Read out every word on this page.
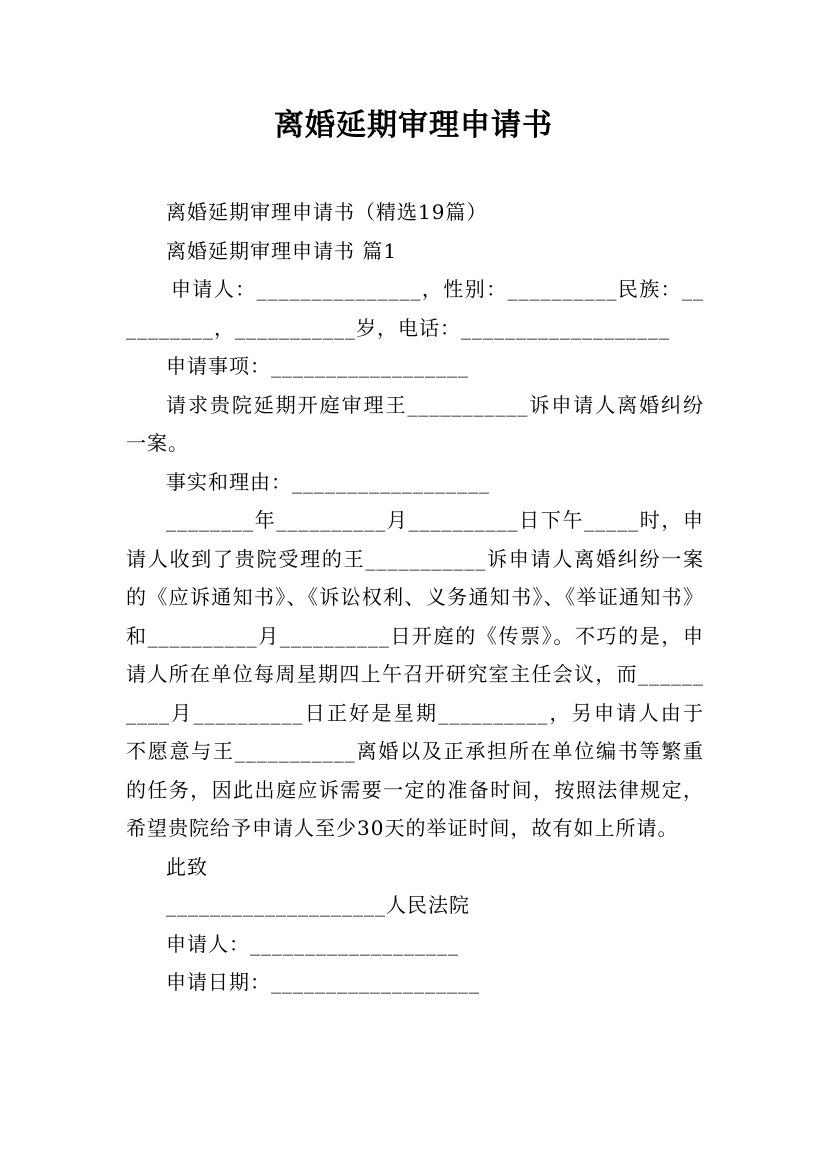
离婚延期审理申请书

离婚延期审理申请书（精选19篇）

离婚延期审理申请书 篇1

申请人：_______________，性别：__________民族：__________，___________岁，电话：___________________

申请事项：__________________

请求贵院延期开庭审理王___________诉申请人离婚纠纷一案。

事实和理由：__________________

________年__________月__________日下午_____时，申请人收到了贵院受理的王___________诉申请人离婚纠纷一案的《应诉通知书》、《诉讼权利、义务通知书》、《举证通知书》和__________月__________日开庭的《传票》。不巧的是，申请人所在单位每周星期四上午召开研究室主任会议，而__________月__________日正好是星期__________，另申请人由于不愿意与王___________离婚以及正承担所在单位编书等繁重的任务，因此出庭应诉需要一定的准备时间，按照法律规定，希望贵院给予申请人至少30天的举证时间，故有如上所请。

此致

____________________人民法院

申请人：___________________

申请日期：___________________
